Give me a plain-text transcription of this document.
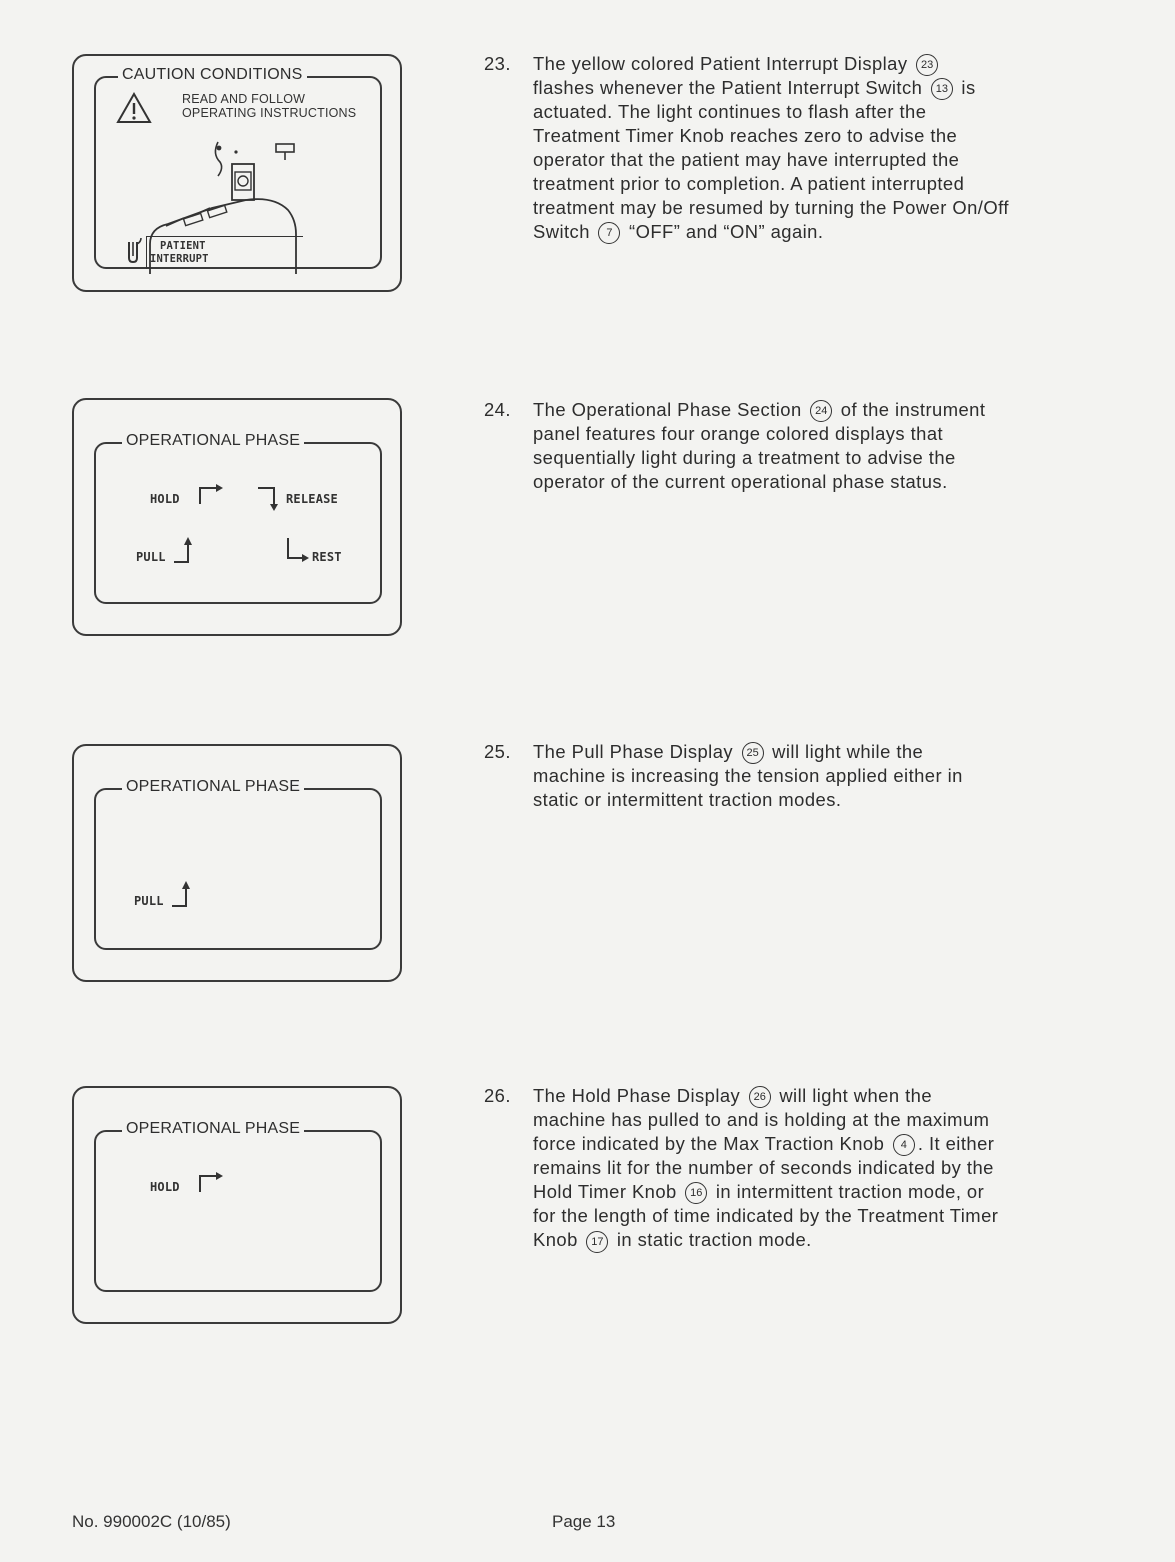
CAUTION CONDITIONS
READ AND FOLLOW
OPERATING INSTRUCTIONS
PATIENT
INTERRUPT
OPERATIONAL PHASE
HOLD	RELEASE
PULL	REST
OPERATIONAL PHASE
PULL
OPERATIONAL PHASE
HOLD
23. The yellow colored Patient Interrupt Display 23
flashes whenever the Patient Interrupt Switch 13 is
actuated. The light continues to flash after the
Treatment Timer Knob reaches zero to advise the
operator that the patient may have interrupted the
treatment prior to completion. A patient interrupted
treatment may be resumed by turning the Power On/Off
Switch 7 “OFF” and “ON” again.
24. The Operational Phase Section 24 of the instrument
panel features four orange colored displays that
sequentially light during a treatment to advise the
operator of the current operational phase status.
25. The Pull Phase Display 25 will light while the
machine is increasing the tension applied either in
static or intermittent traction modes.
26. The Hold Phase Display 26 will light when the
machine has pulled to and is holding at the maximum
force indicated by the Max Traction Knob 4 . It either
remains lit for the number of seconds indicated by the
Hold Timer Knob 16 in intermittent traction mode, or
for the length of time indicated by the Treatment Timer
Knob 17 in static traction mode.
No. 990002C (10/85)	Page 13
